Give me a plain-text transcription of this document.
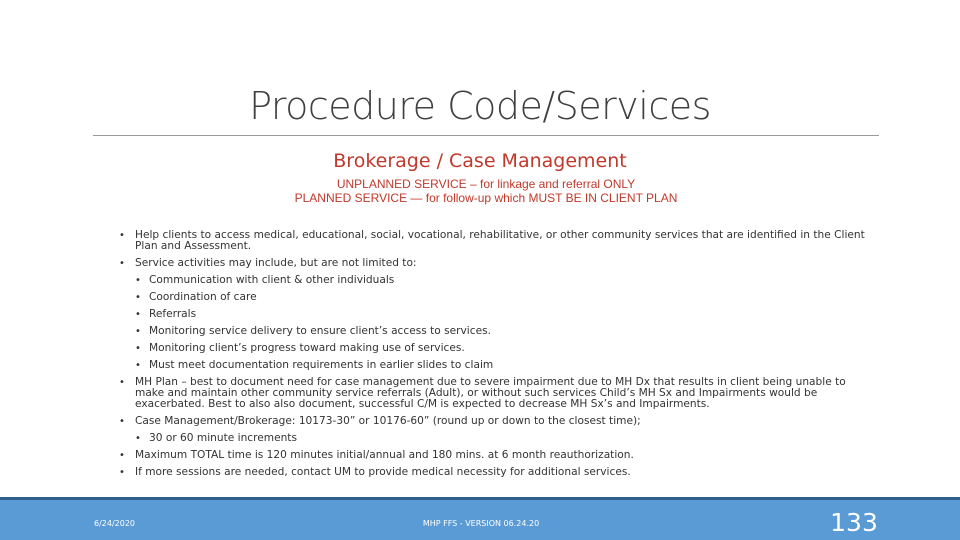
Procedure Code/Services
Brokerage / Case Management
UNPLANNED SERVICE – for linkage and referral ONLY
PLANNED SERVICE — for follow-up which MUST BE IN CLIENT PLAN
• Help clients to access medical, educational, social, vocational, rehabilitative, or other community services that are identified in the Client Plan and Assessment.
• Service activities may include, but are not limited to:
• Communication with client & other individuals
• Coordination of care
• Referrals
• Monitoring service delivery to ensure client’s access to services.
• Monitoring client’s progress toward making use of services.
• Must meet documentation requirements in earlier slides to claim
• MH Plan – best to document need for case management due to severe impairment due to MH Dx that results in client being unable to make and maintain other community service referrals (Adult), or without such services Child’s MH Sx and Impairments would be exacerbated. Best to also also document, successful C/M is expected to decrease MH Sx’s and Impairments.
• Case Management/Brokerage: 10173-30” or 10176-60” (round up or down to the closest time);
• 30 or 60 minute increments
• Maximum TOTAL time is 120 minutes initial/annual and 180 mins. at 6 month reauthorization.
• If more sessions are needed, contact UM to provide medical necessity for additional services.
6/24/2020	MHP FFS - VERSION 06.24.20	133
